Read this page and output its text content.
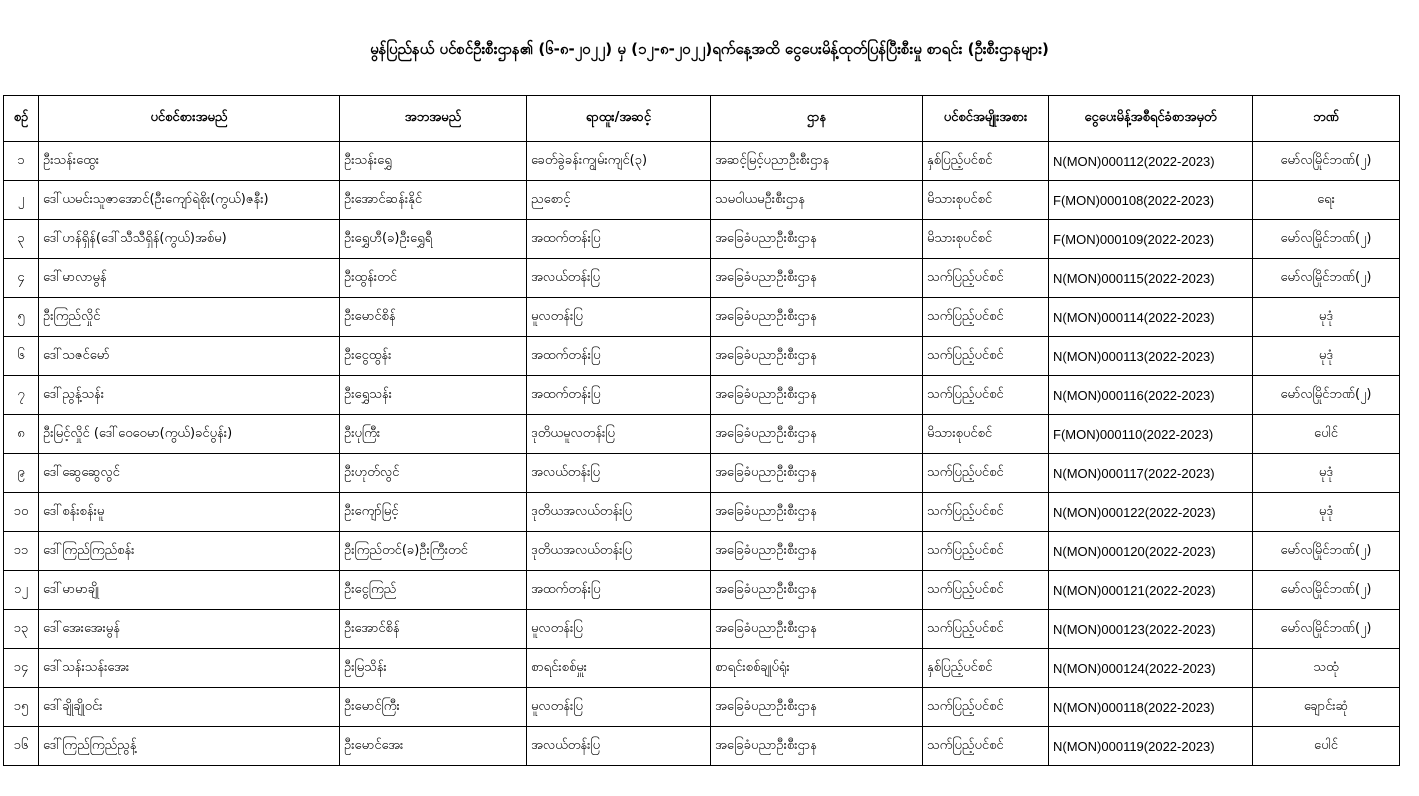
မွန်ပြည်နယ် ပင်စင်ဦးစီးဌာန၏ (၆-၈-၂၀၂၂) မှ (၁၂-၈-၂၀၂၂)ရက်နေ့အထိ ငွေပေးမိန့်ထုတ်ပြန်ပြီးစီးမှု စာရင်း (ဦးစီးဌာနများ)
စဉ်	ပင်စင်စားအမည်	အဘအမည်	ရာထူး/အဆင့်	ဌာန	ပင်စင်အမျိုးအစား	ငွေပေးမိန့်အစီရင်ခံစာအမှတ်	ဘဏ်
၁	ဦးသန်းထွေး	ဦးသန်းရွှေ	ခေတ်ခွဲခန်းကျွမ်းကျင်(၃)	အဆင့်မြင့်ပညာဦးစီးဌာန	နှစ်ပြည့်ပင်စင်	N(MON)000112(2022-2023)	မော်လမြိုင်ဘဏ်(၂)
၂	ဒေါ်ယမင်းသူဇာအောင်(ဦးကျော်ရဲစိုး(ကွယ်)ဇနီး)	ဦးအောင်ဆန်းနိုင်	ညစောင့်	သမဝါယမဦးစီးဌာန	မိသားစုပင်စင်	F(MON)000108(2022-2023)	ရေး
၃	ဒေါ်ဟန်ရှိန်(ဒေါ်သီသီရှိန်(ကွယ်)အစ်မ)	ဦးရွှေဟီ(ခ)ဦးရွှေရီ	အထက်တန်းပြ	အခြေခံပညာဦးစီးဌာန	မိသားစုပင်စင်	F(MON)000109(2022-2023)	မော်လမြိုင်ဘဏ်(၂)
၄	ဒေါ်မာလာမွန်	ဦးထွန်းတင်	အလယ်တန်းပြ	အခြေခံပညာဦးစီးဌာန	သက်ပြည့်ပင်စင်	N(MON)000115(2022-2023)	မော်လမြိုင်ဘဏ်(၂)
၅	ဦးကြည်လှိုင်	ဦးမောင်စိန်	မူလတန်းပြ	အခြေခံပညာဦးစီးဌာန	သက်ပြည့်ပင်စင်	N(MON)000114(2022-2023)	မုဒုံ
၆	ဒေါ်သဇင်မော်	ဦးငွေထွန်း	အထက်တန်းပြ	အခြေခံပညာဦးစီးဌာန	သက်ပြည့်ပင်စင်	N(MON)000113(2022-2023)	မုဒုံ
၇	ဒေါ်ညွန့်သန်း	ဦးရွှေသန်း	အထက်တန်းပြ	အခြေခံပညာဦးစီးဌာန	သက်ပြည့်ပင်စင်	N(MON)000116(2022-2023)	မော်လမြိုင်ဘဏ်(၂)
၈	ဦးမြင့်လှိုင် (ဒေါ်ဝေဝေမာ(ကွယ်)ခင်ပွန်း)	ဦးပုကြီး	ဒုတိယမူလတန်းပြ	အခြေခံပညာဦးစီးဌာန	မိသားစုပင်စင်	F(MON)000110(2022-2023)	ပေါင်
၉	ဒေါ်ဆွေဆွေလွင်	ဦးဟုတ်လွင်	အလယ်တန်းပြ	အခြေခံပညာဦးစီးဌာန	သက်ပြည့်ပင်စင်	N(MON)000117(2022-2023)	မုဒုံ
၁၀	ဒေါ်စန်းစန်းမူ	ဦးကျော်မြင့်	ဒုတိယအလယ်တန်းပြ	အခြေခံပညာဦးစီးဌာန	သက်ပြည့်ပင်စင်	N(MON)000122(2022-2023)	မုဒုံ
၁၁	ဒေါ်ကြည်ကြည်စန်း	ဦးကြည်တင်(ခ)ဦးကြီးတင်	ဒုတိယအလယ်တန်းပြ	အခြေခံပညာဦးစီးဌာန	သက်ပြည့်ပင်စင်	N(MON)000120(2022-2023)	မော်လမြိုင်ဘဏ်(၂)
၁၂	ဒေါ်မာမာချို	ဦးငွေကြည်	အထက်တန်းပြ	အခြေခံပညာဦးစီးဌာန	သက်ပြည့်ပင်စင်	N(MON)000121(2022-2023)	မော်လမြိုင်ဘဏ်(၂)
၁၃	ဒေါ်အေးအေးမွန်	ဦးအောင်စိန်	မူလတန်းပြ	အခြေခံပညာဦးစီးဌာန	သက်ပြည့်ပင်စင်	N(MON)000123(2022-2023)	မော်လမြိုင်ဘဏ်(၂)
၁၄	ဒေါ်သန်းသန်းအေး	ဦးမြသိန်း	စာရင်းစစ်မှူး	စာရင်းစစ်ချုပ်ရုံး	နှစ်ပြည့်ပင်စင်	N(MON)000124(2022-2023)	သထုံ
၁၅	ဒေါ်ချိုချိုဝင်း	ဦးမောင်ကြီး	မူလတန်းပြ	အခြေခံပညာဦးစီးဌာန	သက်ပြည့်ပင်စင်	N(MON)000118(2022-2023)	ချောင်းဆုံ
၁၆	ဒေါ်ကြည်ကြည်ညွန့်	ဦးမောင်အေး	အလယ်တန်းပြ	အခြေခံပညာဦးစီးဌာန	သက်ပြည့်ပင်စင်	N(MON)000119(2022-2023)	ပေါင်
